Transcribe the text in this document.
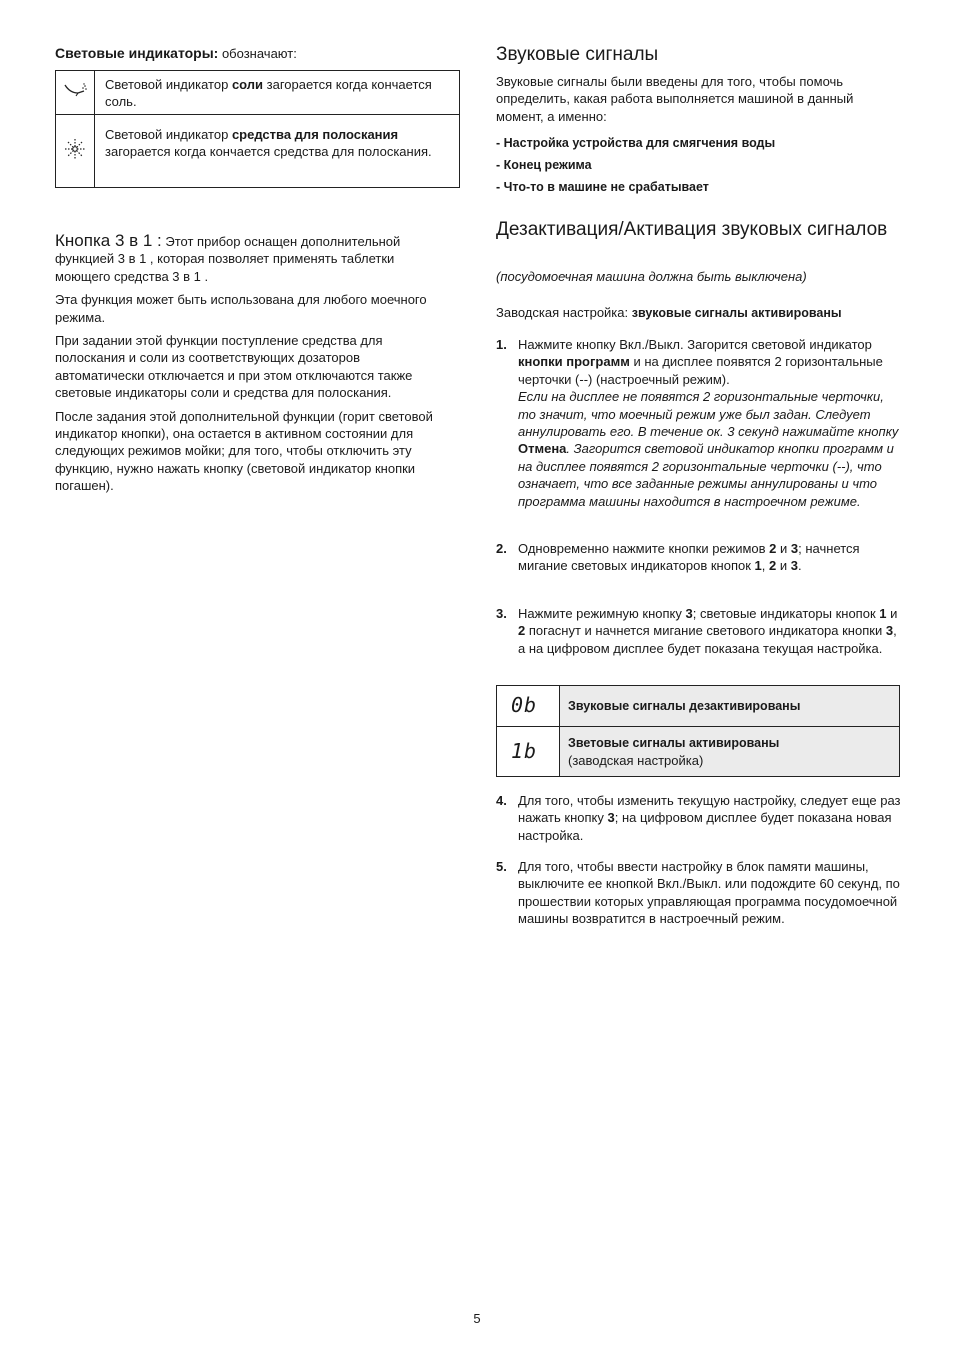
Световые индикаторы: обозначают:
	Световой индикатор соли загорается когда кончается соль.
	Световой индикатор средства для полоскания загорается когда кончается средства для полоскания.

Кнопка 3 в 1 : Этот прибор оснащен дополнительной функцией 3 в 1 , которая позволяет применять таблетки моющего средства 3 в 1 .

Эта функция может быть использована для любого моечного режима.

При задании этой функции поступление средства для полоскания и соли из соответствующих дозаторов автоматически отключается и при этом отключаются также световые индикаторы соли и средства для полоскания.

После задания этой дополнительной функции (горит световой индикатор кнопки), она остается в активном состоянии для следующих режимов мойки; для того, чтобы отключить эту функцию, нужно нажать кнопку (световой индикатор кнопки погашен).

Звуковые сигналы

Звуковые сигналы были введены для того, чтобы помочь определить, какая работа выполняется машиной в данный момент, а именно:

- Настройка устройства для смягчения воды
- Конец режима
- Что-то в машине не срабатывает
Дезактивация/Активация звуковых сигналов

(посудомоечная машина должна быть выключена)

Заводская настройка: звуковые сигналы активированы

1. Нажмите кнопку Вкл./Выкл. Загорится световой индикатор кнопки программ и на дисплее появятся 2 горизонтальные черточки (--) (настроечный режим).
Если на дисплее не появятся 2 горизонтальные черточки, то значит, что моечный режим уже был задан. Следует аннулировать его. В течение ок. 3 секунд нажимайте кнопку Отмена. Загорится световой индикатор кнопки программ и на дисплее появятся 2 горизонтальные черточки (--), что означает, что все заданные режимы аннулированы и что программа машины находится в настроечном режиме.
2. Одновременно нажмите кнопки режимов 2 и 3; начнется мигание световых индикаторов кнопок 1, 2 и 3.
3. Нажмите режимную кнопку 3; световые индикаторы кнопок 1 и 2 погаснут и начнется мигание светового индикатора кнопки 3, а на цифровом дисплее будет показана текущая настройка.
0b	Звуковые сигналы дезактивированы
1b	Зветовые сигналы активированы
(заводская настройка)
4. Для того, чтобы изменить текущую настройку, следует еще раз нажать кнопку 3; на цифровом дисплее будет показана новая настройка.
5. Для того, чтобы ввести настройку в блок памяти машины, выключите ее кнопкой Вкл./Выкл. или подождите 60 секунд, по прошествии которых управляющая программа посудомоечной машины возвратится в настроечный режим.
5
